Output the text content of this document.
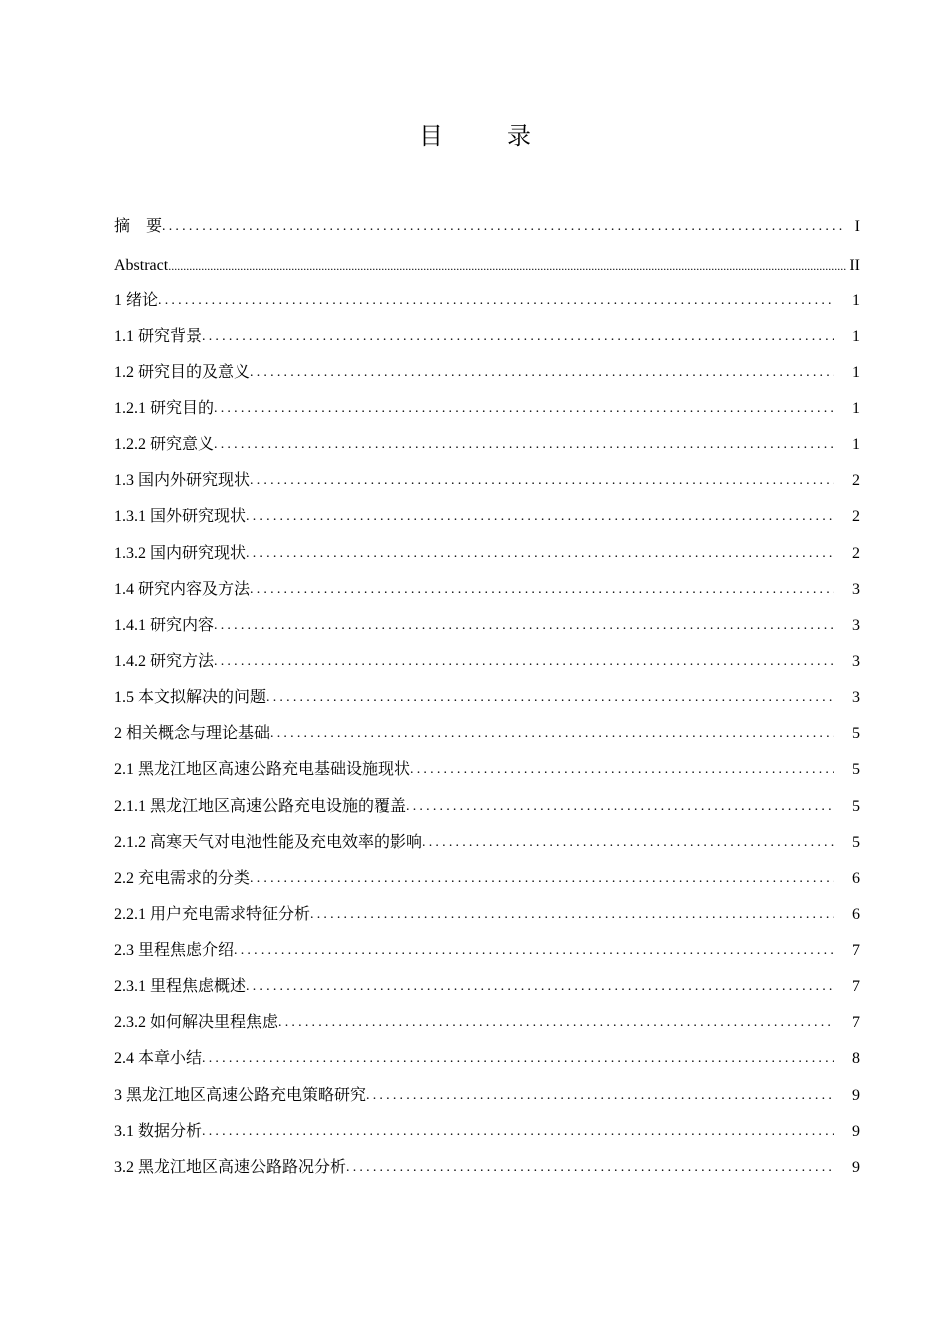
目　录
摘　要 .....	I
Abstract .....	II
1 绪论 .....	1
1.1 研究背景 .....	1
1.2 研究目的及意义 .....	1
1.2.1 研究目的 .....	1
1.2.2 研究意义 .....	1
1.3 国内外研究现状 .....	2
1.3.1 国外研究现状 .....	2
1.3.2 国内研究现状 .....	2
1.4 研究内容及方法 .....	3
1.4.1 研究内容 .....	3
1.4.2 研究方法 .....	3
1.5 本文拟解决的问题 .....	3
2 相关概念与理论基础 .....	5
2.1 黑龙江地区高速公路充电基础设施现状 .....	5
2.1.1 黑龙江地区高速公路充电设施的覆盖 .....	5
2.1.2 高寒天气对电池性能及充电效率的影响 .....	5
2.2 充电需求的分类 .....	6
2.2.1 用户充电需求特征分析 .....	6
2.3 里程焦虑介绍 .....	7
2.3.1 里程焦虑概述 .....	7
2.3.2 如何解决里程焦虑 .....	7
2.4 本章小结 .....	8
3 黑龙江地区高速公路充电策略研究 .....	9
3.1 数据分析 .....	9
3.2 黑龙江地区高速公路路况分析 .....	9
